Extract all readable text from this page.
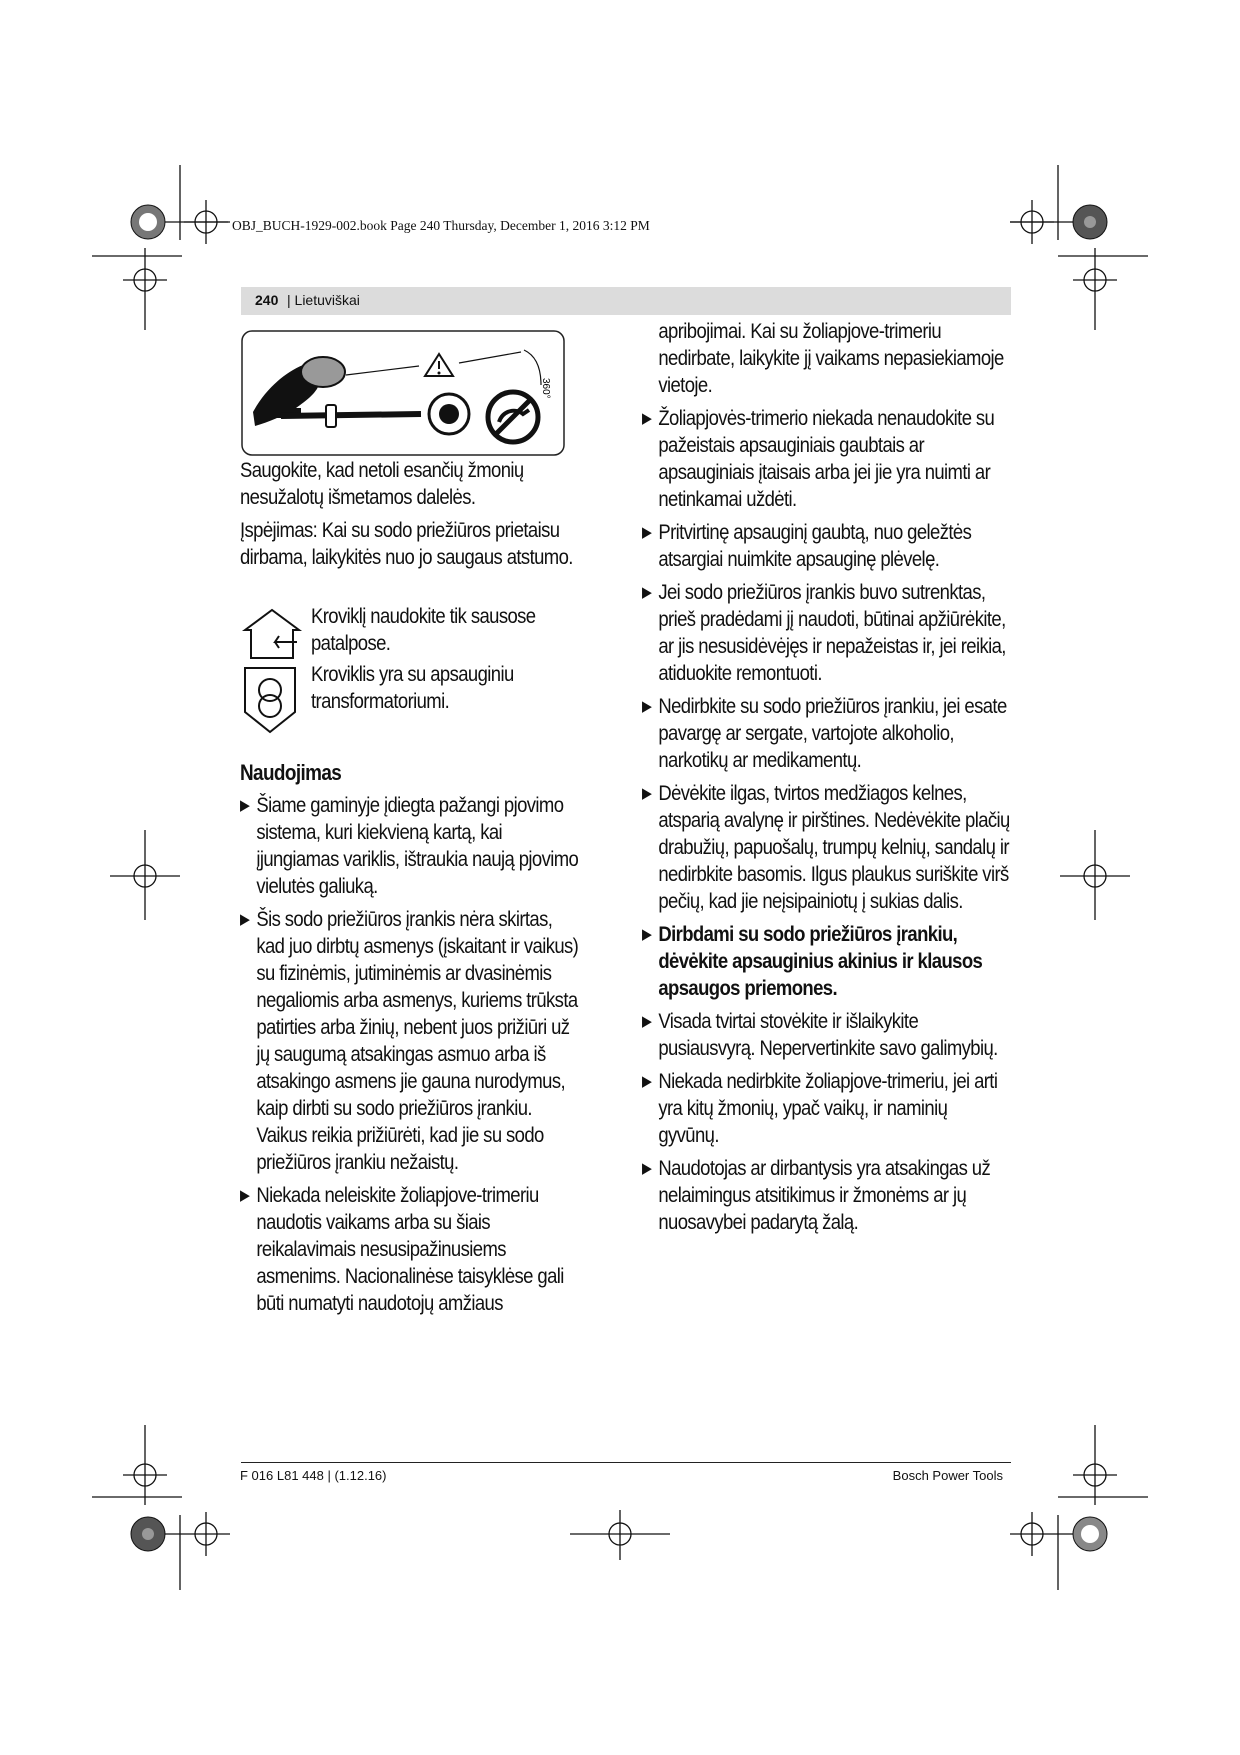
OBJ_BUCH-1929-002.book Page 240 Thursday, December 1, 2016 3:12 PM
240 | Lietuviškai
360°

Saugokite, kad netoli esančių žmonių nesužalotų išmetamos dalelės.

Įspėjimas: Kai su sodo priežiūros prietaisu dirbama, laikykitės nuo jo saugaus atstumo.

Kroviklį naudokite tik sausose patalpose.
Kroviklis yra su apsauginiu transformatoriumi.

Naudojimas

▶ Šiame gaminyje įdiegta pažangi pjovimo sistema, kuri kiekvieną kartą, kai įjungiamas variklis, ištraukia naują pjovimo vielutės galiuką.
▶ Šis sodo priežiūros įrankis nėra skirtas, kad juo dirbtų asmenys (įskaitant ir vaikus) su fizinėmis, jutiminėmis ar dvasinėmis negaliomis arba asmenys, kuriems trūksta patirties arba žinių, nebent juos prižiūri už jų saugumą atsakingas asmuo arba iš atsakingo asmens jie gauna nurodymus, kaip dirbti su sodo priežiūros įrankiu.
Vaikus reikia prižiūrėti, kad jie su sodo priežiūros įrankiu nežaistų.
▶ Niekada neleiskite žoliapjove-trimeriu naudotis vaikams arba su šiais reikalavimais nesusipažinusiems asmenims. Nacionalinėse taisyklėse gali būti numatyti naudotojų amžiaus

apribojimai. Kai su žoliapjove-trimeriu nedirbate, laikykite jį vaikams nepasiekiamoje vietoje.

▶ Žoliapjovės-trimerio niekada nenaudokite su pažeistais apsauginiais gaubtais ar apsauginiais įtaisais arba jei jie yra nuimti ar netinkamai uždėti.
▶ Pritvirtinę apsauginį gaubtą, nuo geležtės atsargiai nuimkite apsauginę plėvelę.
▶ Jei sodo priežiūros įrankis buvo sutrenktas, prieš pradėdami jį naudoti, būtinai apžiūrėkite, ar jis nesusidėvėjęs ir nepažeistas ir, jei reikia, atiduokite remontuoti.
▶ Nedirbkite su sodo priežiūros įrankiu, jei esate pavargę ar sergate, vartojote alkoholio, narkotikų ar medikamentų.
▶ Dėvėkite ilgas, tvirtos medžiagos kelnes, atsparią avalynę ir pirštines. Nedėvėkite plačių drabužių, papuošalų, trumpų kelnių, sandalų ir nedirbkite basomis. Ilgus plaukus suriškite virš pečių, kad jie neįsipainiotų į sukias dalis.
▶ Dirbdami su sodo priežiūros įrankiu, dėvėkite apsauginius akinius ir klausos apsaugos priemones.
▶ Visada tvirtai stovėkite ir išlaikykite pusiausvyrą. Nepervertinkite savo galimybių.
▶ Niekada nedirbkite žoliapjove-trimeriu, jei arti yra kitų žmonių, ypač vaikų, ir naminių gyvūnų.
▶ Naudotojas ar dirbantysis yra atsakingas už nelaimingus atsitikimus ir žmonėms ar jų nuosavybei padarytą žalą.
F 016 L81 448 | (1.12.16)	Bosch Power Tools
